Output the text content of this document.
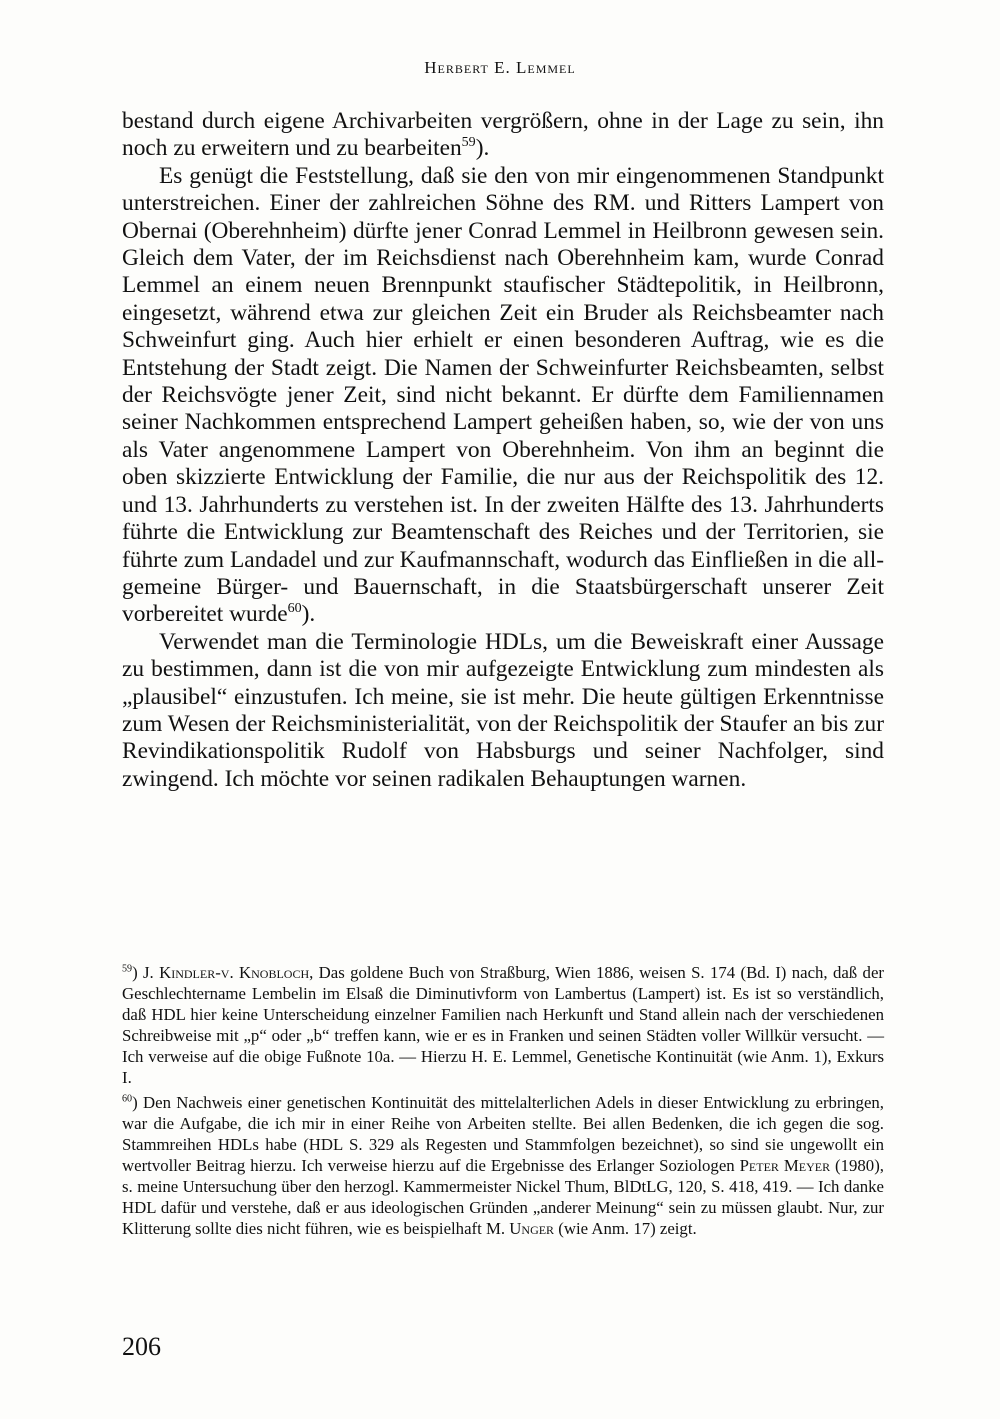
Herbert E. Lemmel

bestand durch eigene Archivarbeiten vergrößern, ohne in der Lage zu sein, ihn noch zu erweitern und zu bearbeiten$^{59}$).

Es genügt die Feststellung, daß sie den von mir eingenommenen Standpunkt unterstreichen. Einer der zahlreichen Söhne des RM. und Ritters Lampert von Obernai (Oberehnheim) dürfte jener Conrad Lemmel in Heilbronn gewesen sein. Gleich dem Vater, der im Reichsdienst nach Oberehnheim kam, wurde Conrad Lemmel an einem neuen Brennpunkt staufischer Städtepolitik, in Heilbronn, eingesetzt, während etwa zur gleichen Zeit ein Bruder als Reichsbeamter nach Schweinfurt ging. Auch hier erhielt er einen besonderen Auftrag, wie es die Entstehung der Stadt zeigt. Die Namen der Schweinfurter Reichsbeamten, selbst der Reichsvögte jener Zeit, sind nicht bekannt. Er dürfte dem Familiennamen seiner Nachkommen entsprechend Lampert geheißen haben, so, wie der von uns als Vater angenommene Lampert von Oberehnheim. Von ihm an beginnt die oben skizzierte Entwicklung der Familie, die nur aus der Reichspolitik des 12. und 13. Jahrhunderts zu verstehen ist. In der zweiten Hälfte des 13. Jahrhunderts führte die Entwicklung zur Beamtenschaft des Reiches und der Territorien, sie führte zum Landadel und zur Kaufmannschaft, wodurch das Einfließen in die allgemeine Bürger- und Bauernschaft, in die Staatsbürgerschaft unserer Zeit vorbereitet wurde$^{60}$).

Verwendet man die Terminologie HDLs, um die Beweiskraft einer Aussage zu bestimmen, dann ist die von mir aufgezeigte Entwicklung zum mindesten als „plausibel“ einzustufen. Ich meine, sie ist mehr. Die heute gültigen Erkenntnisse zum Wesen der Reichsministerialität, von der Reichspolitik der Staufer an bis zur Revindikationspolitik Rudolf von Habsburgs und seiner Nachfolger, sind zwingend. Ich möchte vor seinen radikalen Behauptungen warnen.

$^{59}$) J. Kindler-v. Knobloch, Das goldene Buch von Straßburg, Wien 1886, weisen S. 174 (Bd. I) nach, daß der Geschlechtername Lembelin im Elsaß die Diminutivform von Lambertus (Lampert) ist. Es ist so verständlich, daß HDL hier keine Unterscheidung einzelner Familien nach Herkunft und Stand allein nach der verschiedenen Schreibweise mit „p“ oder „b“ treffen kann, wie er es in Franken und seinen Städten voller Willkür versucht. — Ich verweise auf die obige Fußnote 10a. — Hierzu H. E. Lemmel, Genetische Kontinuität (wie Anm. 1), Exkurs I.

$^{60}$) Den Nachweis einer genetischen Kontinuität des mittelalterlichen Adels in dieser Entwicklung zu erbringen, war die Aufgabe, die ich mir in einer Reihe von Arbeiten stellte. Bei allen Bedenken, die ich gegen die sog. Stammreihen HDLs habe (HDL S. 329 als Regesten und Stammfolgen bezeichnet), so sind sie ungewollt ein wertvoller Beitrag hierzu. Ich verweise hierzu auf die Ergebnisse des Erlanger Soziologen Peter Meyer (1980), s. meine Untersuchung über den herzogl. Kammermeister Nickel Thum, BlDtLG, 120, S. 418, 419. — Ich danke HDL dafür und verstehe, daß er aus ideologischen Gründen „anderer Meinung“ sein zu müssen glaubt. Nur, zur Klitterung sollte dies nicht führen, wie es beispielhaft M. Unger (wie Anm. 17) zeigt.

206
